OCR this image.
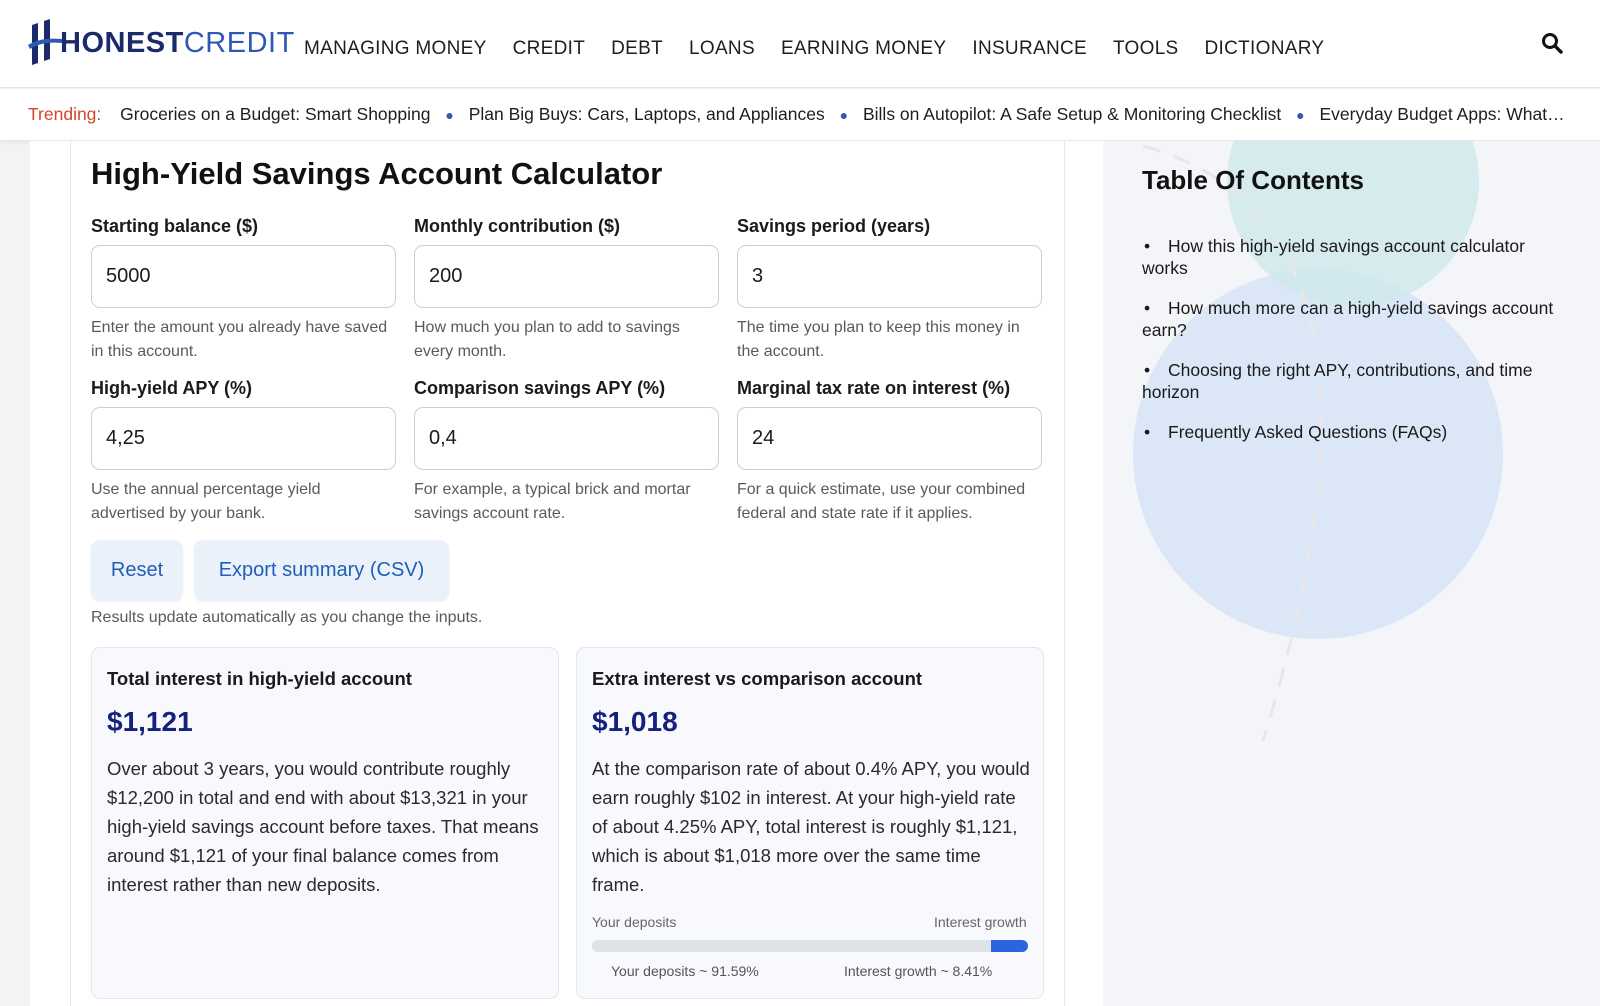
HONESTCREDIT MANAGING MONEY CREDIT DEBT LOANS EARNING MONEY INSURANCE TOOLS DICTIONARY
Trending: Groceries on a Budget: Smart Shopping ● Plan Big Buys: Cars, Laptops, and Appliances ● Bills on Autopilot: A Safe Setup & Monitoring Checklist ● Everyday Budget Apps: What…
High-Yield Savings Account Calculator
Starting balance ($)
5000
Enter the amount you already have saved in this account.
Monthly contribution ($)
200
How much you plan to add to savings every month.
Savings period (years)
3
The time you plan to keep this money in the account.
High-yield APY (%)
4,25
Use the annual percentage yield advertised by your bank.
Comparison savings APY (%)
0,4
For example, a typical brick and mortar savings account rate.
Marginal tax rate on interest (%)
24
For a quick estimate, use your combined federal and state rate if it applies.
Reset	Export summary (CSV)
Results update automatically as you change the inputs.
Total interest in high-yield account
$1,121
Over about 3 years, you would contribute roughly $12,200 in total and end with about $13,321 in your high-yield savings account before taxes. That means around $1,121 of your final balance comes from interest rather than new deposits.
Extra interest vs comparison account
$1,018
At the comparison rate of about 0.4% APY, you would earn roughly $102 in interest. At your high-yield rate of about 4.25% APY, total interest is roughly $1,121, which is about $1,018 more over the same time frame.
Your deposits	Interest growth
Your deposits ~ 91.59%	Interest growth ~ 8.41%
Table Of Contents
• How this high-yield savings account calculator works
• How much more can a high-yield savings account earn?
• Choosing the right APY, contributions, and time horizon
• Frequently Asked Questions (FAQs)
